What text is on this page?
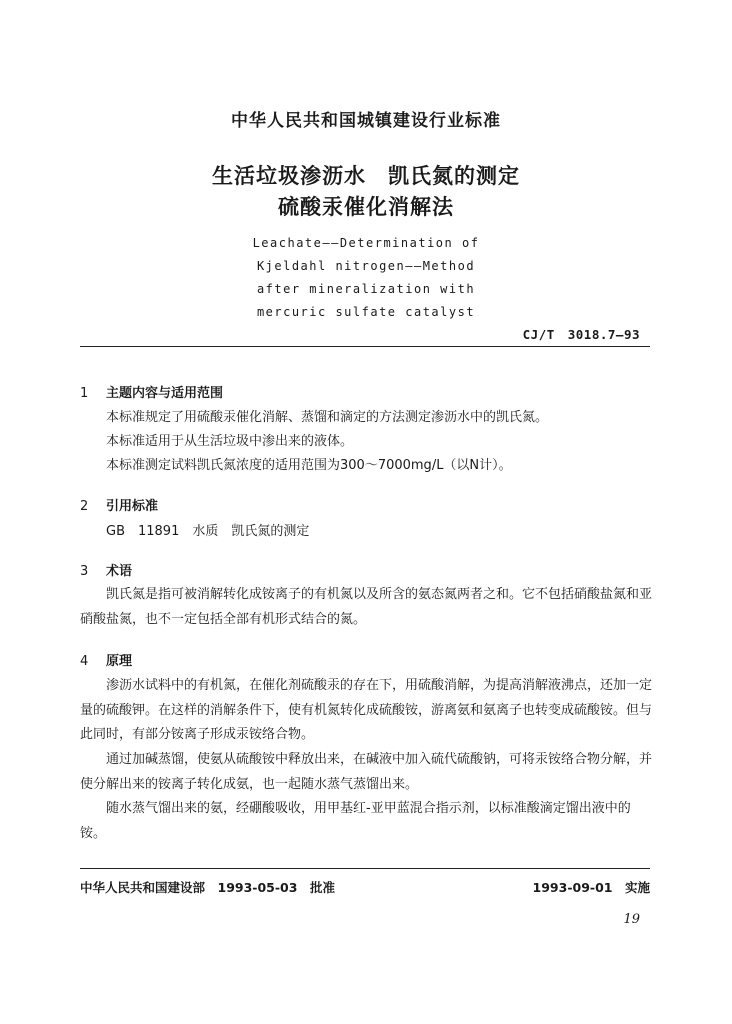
中华人民共和国城镇建设行业标准
生活垃圾渗沥水　凯氏氮的测定
硫酸汞催化消解法
Leachate——Determination of
Kjeldahl nitrogen——Method
after mineralization with
mercuric sulfate catalyst
CJ/T　3018.7—93
1 主题内容与适用范围
本标准规定了用硫酸汞催化消解、蒸馏和滴定的方法测定渗沥水中的凯氏氮。
本标准适用于从生活垃圾中渗出来的液体。
本标准测定试料凯氏氮浓度的适用范围为300～7000mg/L（以N计）。
2 引用标准
GB　11891　水质　凯氏氮的测定
3 术语
凯氏氮是指可被消解转化成铵离子的有机氮以及所含的氨态氮两者之和。它不包括硝酸盐氮和亚硝酸盐氮，也不一定包括全部有机形式结合的氮。
4 原理
渗沥水试料中的有机氮，在催化剂硫酸汞的存在下，用硫酸消解，为提高消解液沸点，还加一定量的硫酸钾。在这样的消解条件下，使有机氮转化成硫酸铵，游离氨和氨离子也转变成硫酸铵。但与此同时，有部分铵离子形成汞铵络合物。
通过加碱蒸馏，使氨从硫酸铵中释放出来，在碱液中加入硫代硫酸钠，可将汞铵络合物分解，并使分解出来的铵离子转化成氨，也一起随水蒸气蒸馏出来。
随水蒸气馏出来的氨，经硼酸吸收，用甲基红-亚甲蓝混合指示剂，以标准酸滴定馏出液中的铵。
中华人民共和国建设部　1993-05-03　批准	1993-09-01　实施
19
